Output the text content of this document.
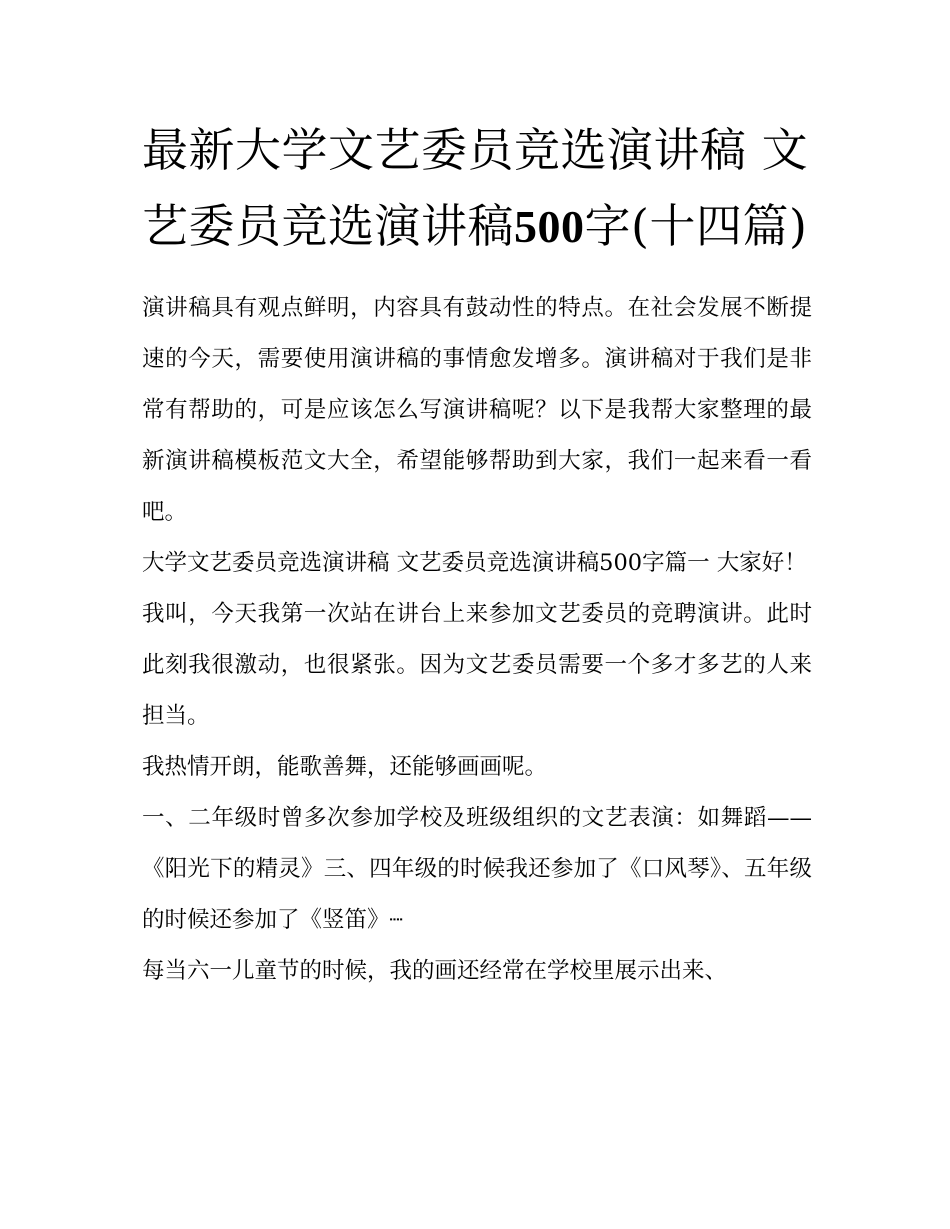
最新大学文艺委员竞选演讲稿 文艺委员竞选演讲稿500字(十四篇)

演讲稿具有观点鲜明，内容具有鼓动性的特点。在社会发展不断提速的今天，需要使用演讲稿的事情愈发增多。演讲稿对于我们是非常有帮助的，可是应该怎么写演讲稿呢？以下是我帮大家整理的最新演讲稿模板范文大全，希望能够帮助到大家，我们一起来看一看吧。

大学文艺委员竞选演讲稿 文艺委员竞选演讲稿500字篇一 大家好！

我叫，今天我第一次站在讲台上来参加文艺委员的竞聘演讲。此时此刻我很激动，也很紧张。因为文艺委员需要一个多才多艺的人来担当。

我热情开朗，能歌善舞，还能够画画呢。

一、二年级时曾多次参加学校及班级组织的文艺表演：如舞蹈——《阳光下的精灵》三、四年级的时候我还参加了《口风琴》、五年级的时候还参加了《竖笛》┈

每当六一儿童节的时候，我的画还经常在学校里展示出来、
